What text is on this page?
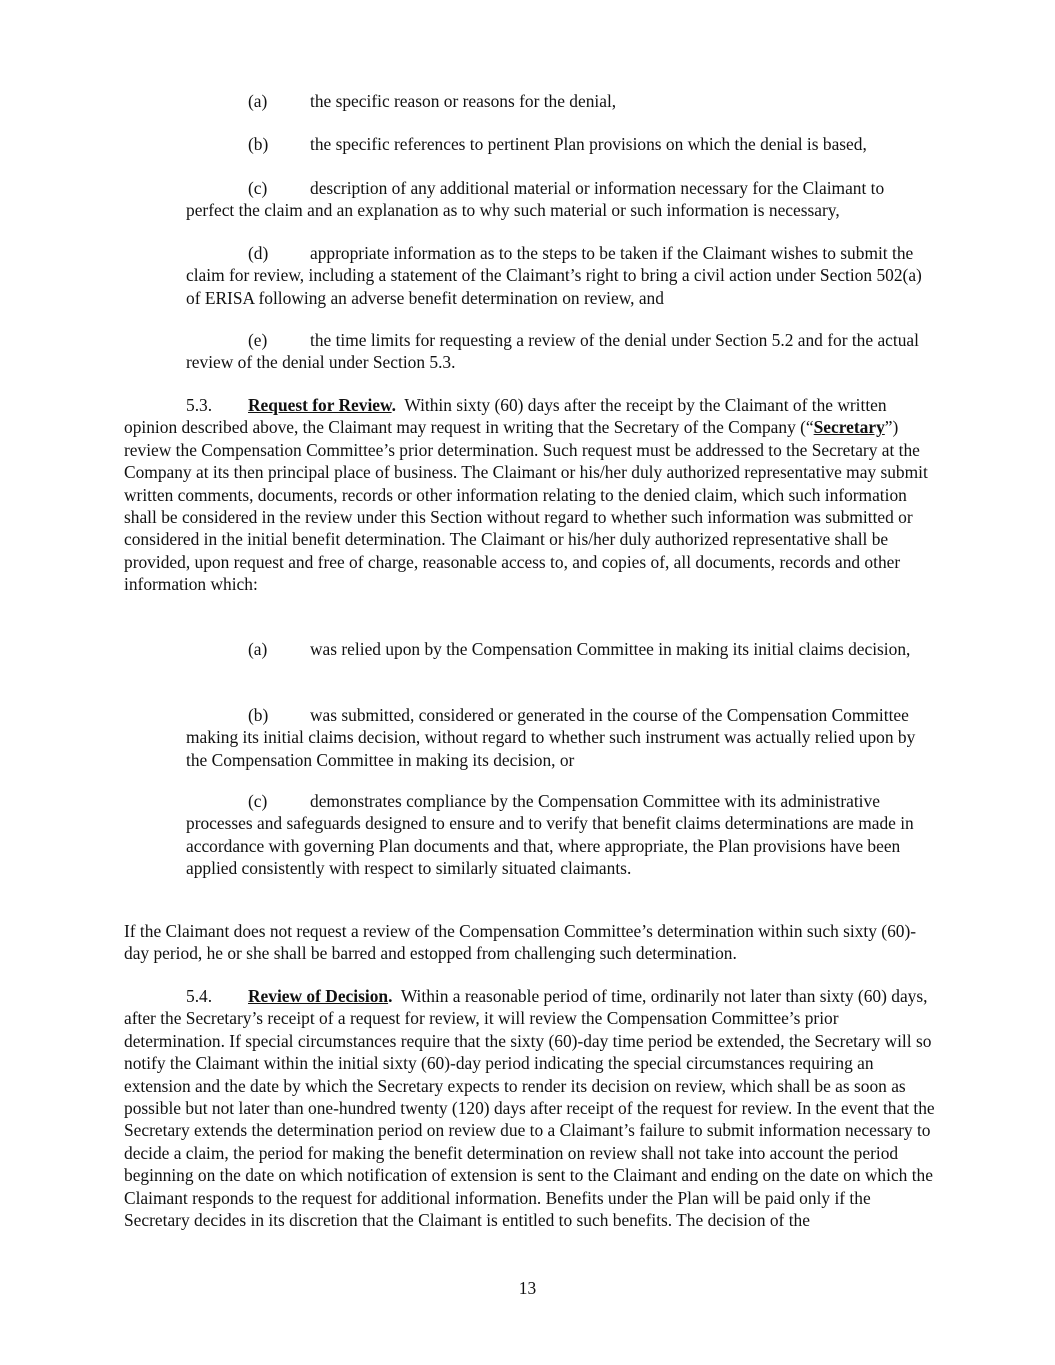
(a) the specific reason or reasons for the denial,

(b) the specific references to pertinent Plan provisions on which the denial is based,

(c) description of any additional material or information necessary for the Claimant to perfect the claim and an explanation as to why such material or such information is necessary,

(d) appropriate information as to the steps to be taken if the Claimant wishes to submit the claim for review, including a statement of the Claimant’s right to bring a civil action under Section 502(a) of ERISA following an adverse benefit determination on review, and

(e) the time limits for requesting a review of the denial under Section 5.2 and for the actual review of the denial under Section 5.3.

5.3. Request for Review. Within sixty (60) days after the receipt by the Claimant of the written opinion described above, the Claimant may request in writing that the Secretary of the Company (“Secretary”) review the Compensation Committee’s prior determination. Such request must be addressed to the Secretary at the Company at its then principal place of business. The Claimant or his/her duly authorized representative may submit written comments, documents, records or other information relating to the denied claim, which such information shall be considered in the review under this Section without regard to whether such information was submitted or considered in the initial benefit determination. The Claimant or his/her duly authorized representative shall be provided, upon request and free of charge, reasonable access to, and copies of, all documents, records and other information which:

(a) was relied upon by the Compensation Committee in making its initial claims decision,

(b) was submitted, considered or generated in the course of the Compensation Committee making its initial claims decision, without regard to whether such instrument was actually relied upon by the Compensation Committee in making its decision, or

(c) demonstrates compliance by the Compensation Committee with its administrative processes and safeguards designed to ensure and to verify that benefit claims determinations are made in accordance with governing Plan documents and that, where appropriate, the Plan provisions have been applied consistently with respect to similarly situated claimants.

If the Claimant does not request a review of the Compensation Committee’s determination within such sixty (60)-day period, he or she shall be barred and estopped from challenging such determination.

5.4. Review of Decision. Within a reasonable period of time, ordinarily not later than sixty (60) days, after the Secretary’s receipt of a request for review, it will review the Compensation Committee’s prior determination. If special circumstances require that the sixty (60)-day time period be extended, the Secretary will so notify the Claimant within the initial sixty (60)-day period indicating the special circumstances requiring an extension and the date by which the Secretary expects to render its decision on review, which shall be as soon as possible but not later than one-hundred twenty (120) days after receipt of the request for review. In the event that the Secretary extends the determination period on review due to a Claimant’s failure to submit information necessary to decide a claim, the period for making the benefit determination on review shall not take into account the period beginning on the date on which notification of extension is sent to the Claimant and ending on the date on which the Claimant responds to the request for additional information. Benefits under the Plan will be paid only if the Secretary decides in its discretion that the Claimant is entitled to such benefits. The decision of the

13
